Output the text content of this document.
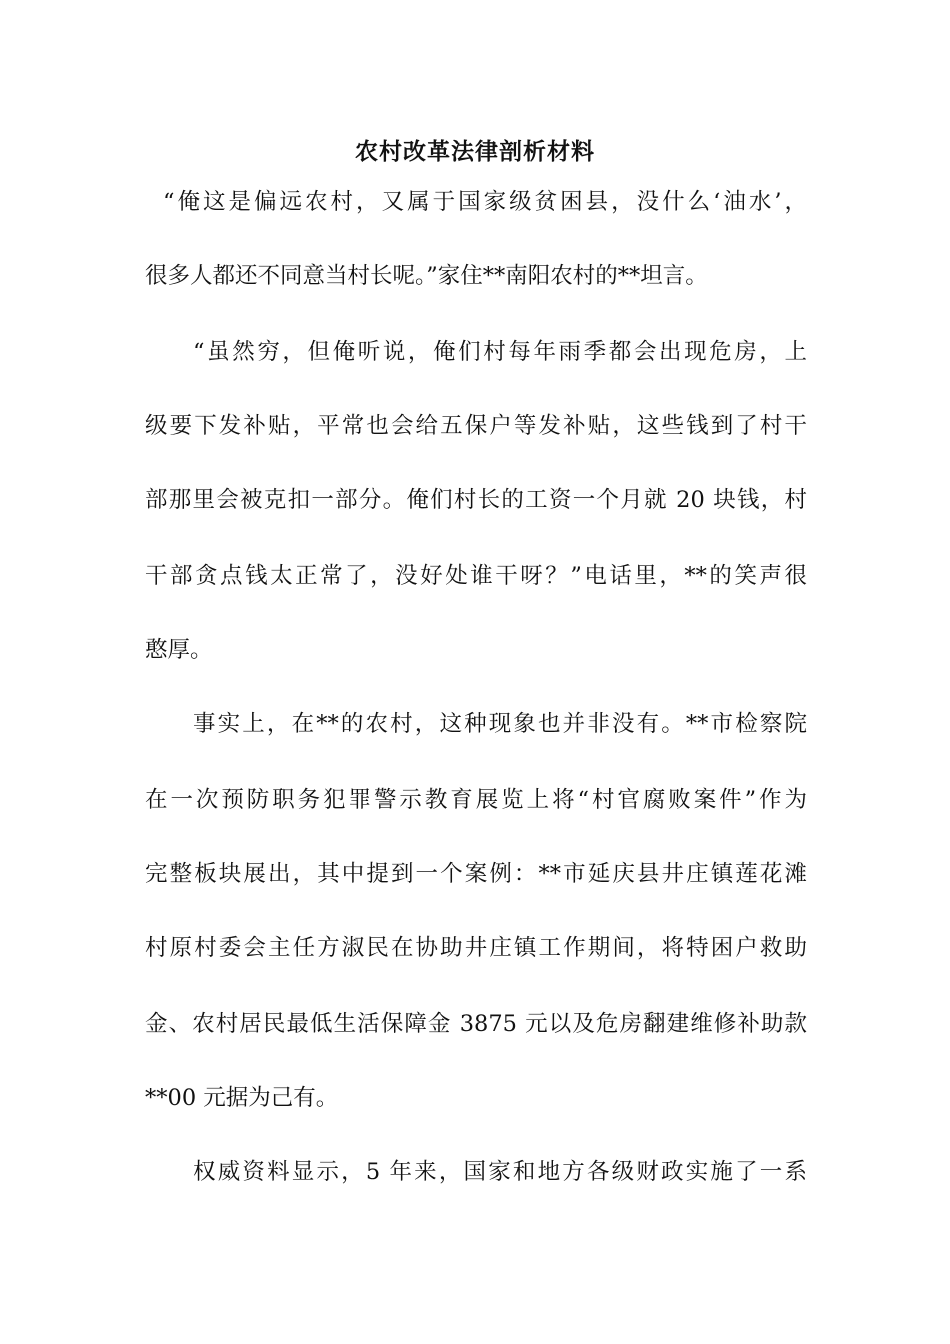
农村改革法律剖析材料
“俺这是偏远农村，又属于国家级贫困县，没什么‘油水’，
很多人都还不同意当村长呢。”家住**南阳农村的**坦言。
“虽然穷，但俺听说，俺们村每年雨季都会出现危房，上
级要下发补贴，平常也会给五保户等发补贴，这些钱到了村干
部那里会被克扣一部分。俺们村长的工资一个月就 20 块钱，村
干部贪点钱太正常了，没好处谁干呀？”电话里，**的笑声很
憨厚。
事实上，在**的农村，这种现象也并非没有。**市检察院
在一次预防职务犯罪警示教育展览上将“村官腐败案件”作为
完整板块展出，其中提到一个案例：**市延庆县井庄镇莲花滩
村原村委会主任方淑民在协助井庄镇工作期间，将特困户救助
金、农村居民最低生活保障金 3875 元以及危房翻建维修补助款
**00 元据为己有。
权威资料显示，5 年来，国家和地方各级财政实施了一系
